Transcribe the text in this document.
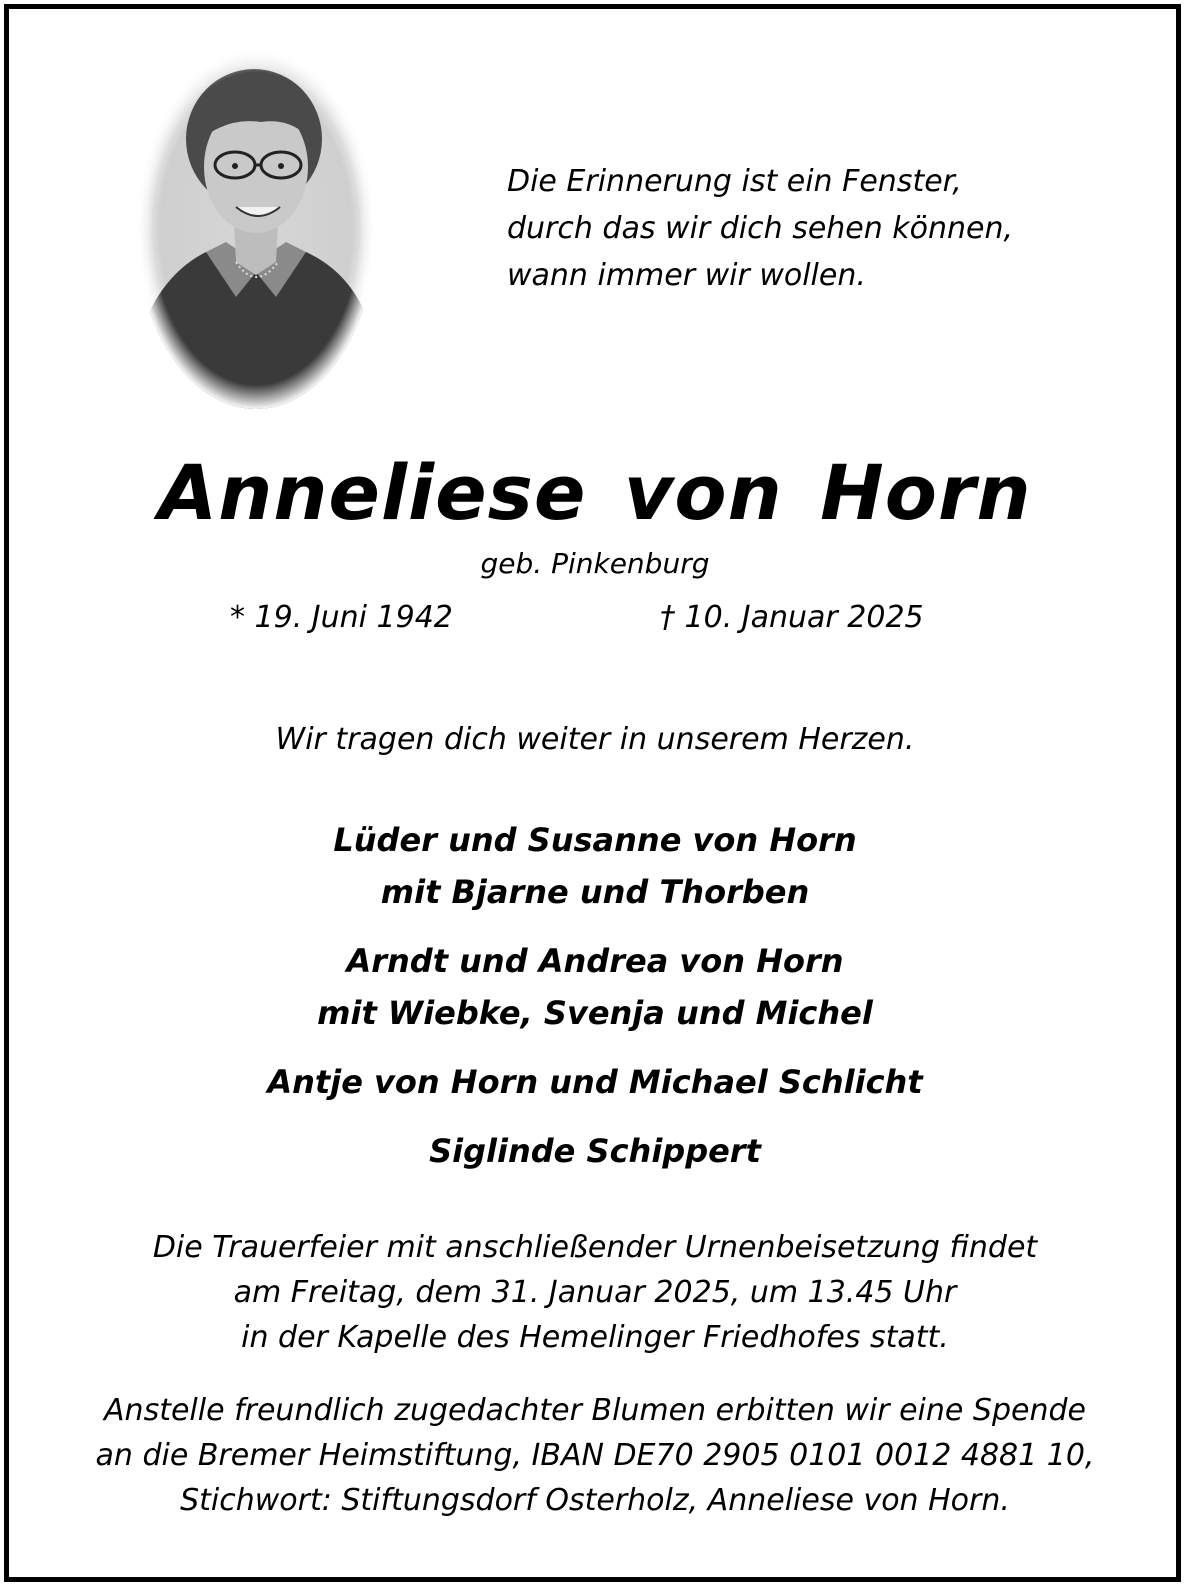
Die Erinnerung ist ein Fenster,
durch das wir dich sehen können,
wann immer wir wollen.
Anneliese von Horn
geb. Pinkenburg
* 19. Juni 1942	† 10. Januar 2025
Wir tragen dich weiter in unserem Herzen.
Lüder und Susanne von Horn
mit Bjarne und Thorben
Arndt und Andrea von Horn
mit Wiebke, Svenja und Michel
Antje von Horn und Michael Schlicht
Siglinde Schippert
Die Trauerfeier mit anschließender Urnenbeisetzung findet
am Freitag, dem 31. Januar 2025, um 13.45 Uhr
in der Kapelle des Hemelinger Friedhofes statt.
Anstelle freundlich zugedachter Blumen erbitten wir eine Spende
an die Bremer Heimstiftung, IBAN DE70 2905 0101 0012 4881 10,
Stichwort: Stiftungsdorf Osterholz, Anneliese von Horn.
